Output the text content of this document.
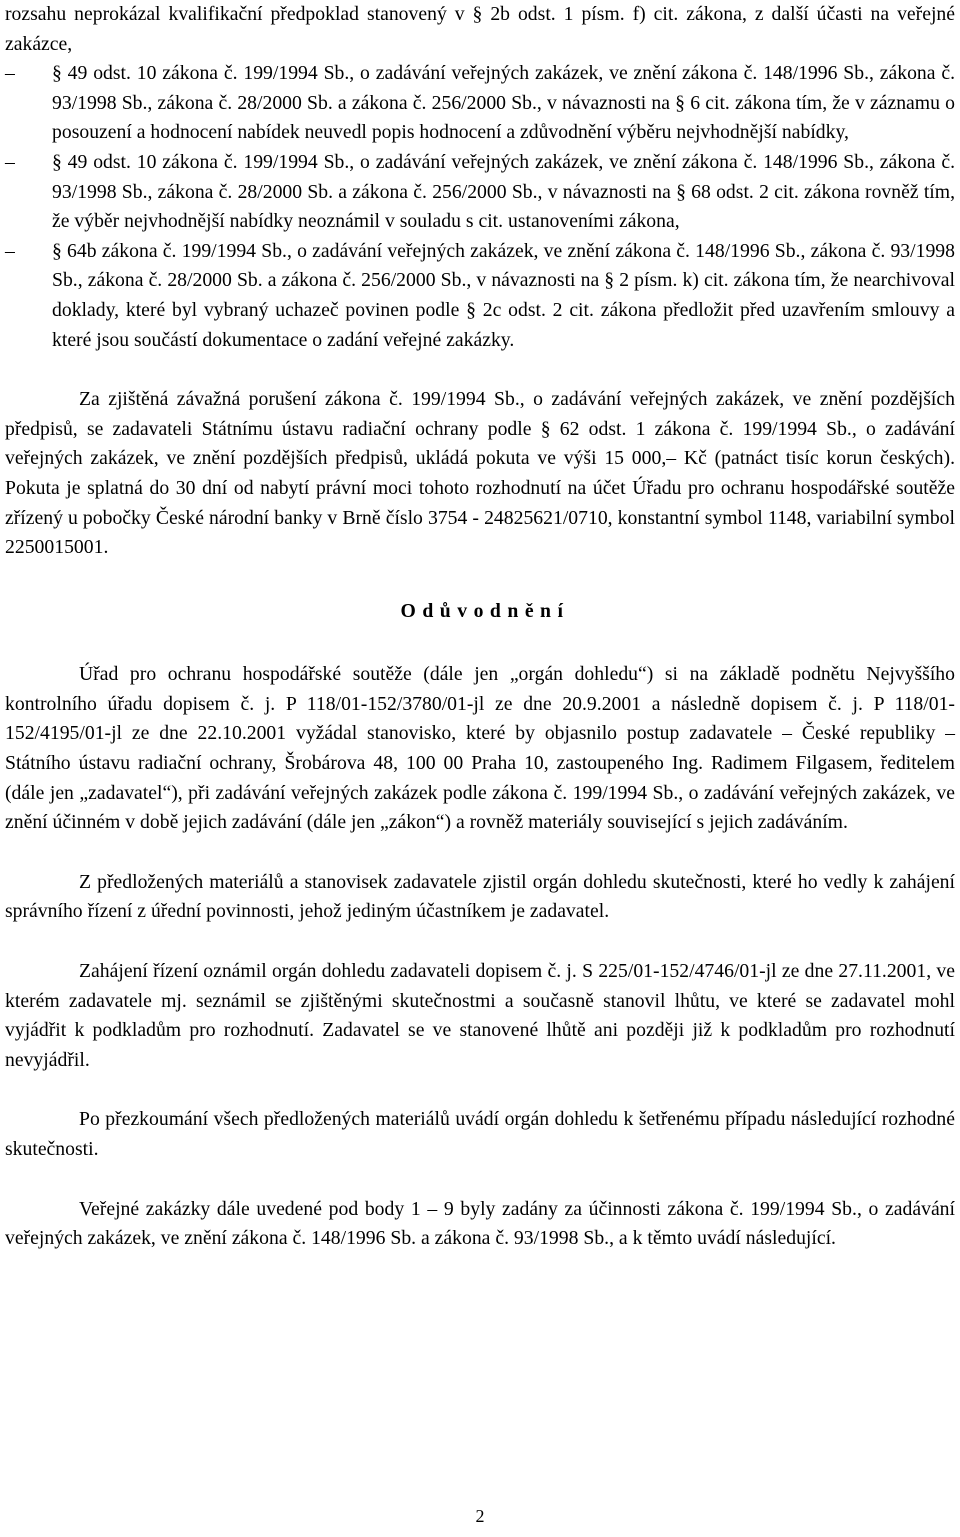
rozsahu neprokázal kvalifikační předpoklad stanovený v § 2b odst. 1 písm. f) cit. zákona, z další účasti na veřejné zakázce,

– § 49 odst. 10 zákona č. 199/1994 Sb., o zadávání veřejných zakázek, ve znění zákona č. 148/1996 Sb., zákona č. 93/1998 Sb., zákona č. 28/2000 Sb. a zákona č. 256/2000 Sb., v návaznosti na § 6 cit. zákona tím, že v záznamu o posouzení a hodnocení nabídek neuvedl popis hodnocení a zdůvodnění výběru nejvhodnější nabídky,

– § 49 odst. 10 zákona č. 199/1994 Sb., o zadávání veřejných zakázek, ve znění zákona č. 148/1996 Sb., zákona č. 93/1998 Sb., zákona č. 28/2000 Sb. a zákona č. 256/2000 Sb., v návaznosti na § 68 odst. 2 cit. zákona rovněž tím, že výběr nejvhodnější nabídky neoznámil v souladu s cit. ustanoveními zákona,

– § 64b zákona č. 199/1994 Sb., o zadávání veřejných zakázek, ve znění zákona č. 148/1996 Sb., zákona č. 93/1998 Sb., zákona č. 28/2000 Sb. a zákona č. 256/2000 Sb., v návaznosti na § 2 písm. k) cit. zákona tím, že nearchivoval doklady, které byl vybraný uchazeč povinen podle § 2c odst. 2 cit. zákona předložit před uzavřením smlouvy a které jsou součástí dokumentace o zadání veřejné zakázky.

Za zjištěná závažná porušení zákona č. 199/1994 Sb., o zadávání veřejných zakázek, ve znění pozdějších předpisů, se zadavateli Státnímu ústavu radiační ochrany podle § 62 odst. 1 zákona č. 199/1994 Sb., o zadávání veřejných zakázek, ve znění pozdějších předpisů, ukládá pokuta ve výši 15 000,– Kč (patnáct tisíc korun českých). Pokuta je splatná do 30 dní od nabytí právní moci tohoto rozhodnutí na účet Úřadu pro ochranu hospodářské soutěže zřízený u pobočky České národní banky v Brně číslo 3754 - 24825621/0710, konstantní symbol 1148, variabilní symbol 2250015001.

Odůvodnění

Úřad pro ochranu hospodářské soutěže (dále jen „orgán dohledu“) si na základě podnětu Nejvyššího kontrolního úřadu dopisem č. j. P 118/01-152/3780/01-jl ze dne 20.9.2001 a následně dopisem č. j. P 118/01-152/4195/01-jl ze dne 22.10.2001 vyžádal stanovisko, které by objasnilo postup zadavatele – České republiky – Státního ústavu radiační ochrany, Šrobárova 48, 100 00 Praha 10, zastoupeného Ing. Radimem Filgasem, ředitelem (dále jen „zadavatel“), při zadávání veřejných zakázek podle zákona č. 199/1994 Sb., o zadávání veřejných zakázek, ve znění účinném v době jejich zadávání (dále jen „zákon“) a rovněž materiály související s jejich zadáváním.

Z předložených materiálů a stanovisek zadavatele zjistil orgán dohledu skutečnosti, které ho vedly k zahájení správního řízení z úřední povinnosti, jehož jediným účastníkem je zadavatel.

Zahájení řízení oznámil orgán dohledu zadavateli dopisem č. j. S 225/01-152/4746/01-jl ze dne 27.11.2001, ve kterém zadavatele mj. seznámil se zjištěnými skutečnostmi a současně stanovil lhůtu, ve které se zadavatel mohl vyjádřit k podkladům pro rozhodnutí. Zadavatel se ve stanovené lhůtě ani později již k podkladům pro rozhodnutí nevyjádřil.

Po přezkoumání všech předložených materiálů uvádí orgán dohledu k šetřenému případu následující rozhodné skutečnosti.

Veřejné zakázky dále uvedené pod body 1 – 9 byly zadány za účinnosti zákona č. 199/1994 Sb., o zadávání veřejných zakázek, ve znění zákona č. 148/1996 Sb. a zákona č. 93/1998 Sb., a k těmto uvádí následující.

2
